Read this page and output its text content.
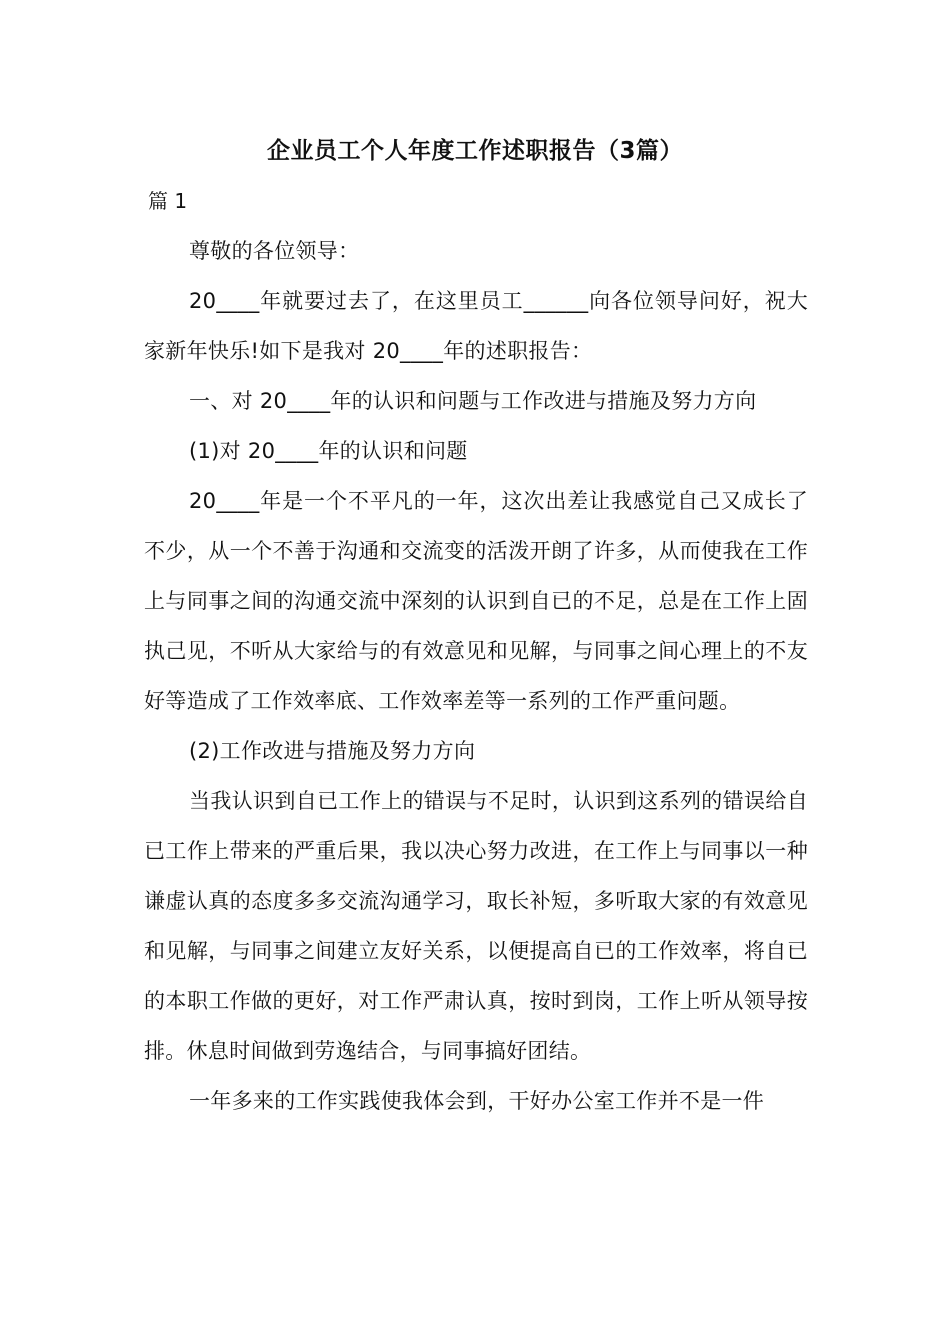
企业员工个人年度工作述职报告（3篇）

篇 1

尊敬的各位领导：

20____年就要过去了，在这里员工______向各位领导问好，祝大家新年快乐!如下是我对 20____年的述职报告：

一、对 20____年的认识和问题与工作改进与措施及努力方向

(1)对 20____年的认识和问题

20____年是一个不平凡的一年，这次出差让我感觉自己又成长了不少，从一个不善于沟通和交流变的活泼开朗了许多，从而使我在工作上与同事之间的沟通交流中深刻的认识到自已的不足，总是在工作上固执己见，不听从大家给与的有效意见和见解，与同事之间心理上的不友好等造成了工作效率底、工作效率差等一系列的工作严重问题。

(2)工作改进与措施及努力方向

当我认识到自已工作上的错误与不足时，认识到这系列的错误给自已工作上带来的严重后果，我以决心努力改进，在工作上与同事以一种谦虚认真的态度多多交流沟通学习，取长补短，多听取大家的有效意见和见解，与同事之间建立友好关系，以便提高自已的工作效率，将自已的本职工作做的更好，对工作严肃认真，按时到岗，工作上听从领导按排。休息时间做到劳逸结合，与同事搞好团结。

一年多来的工作实践使我体会到，干好办公室工作并不是一件
